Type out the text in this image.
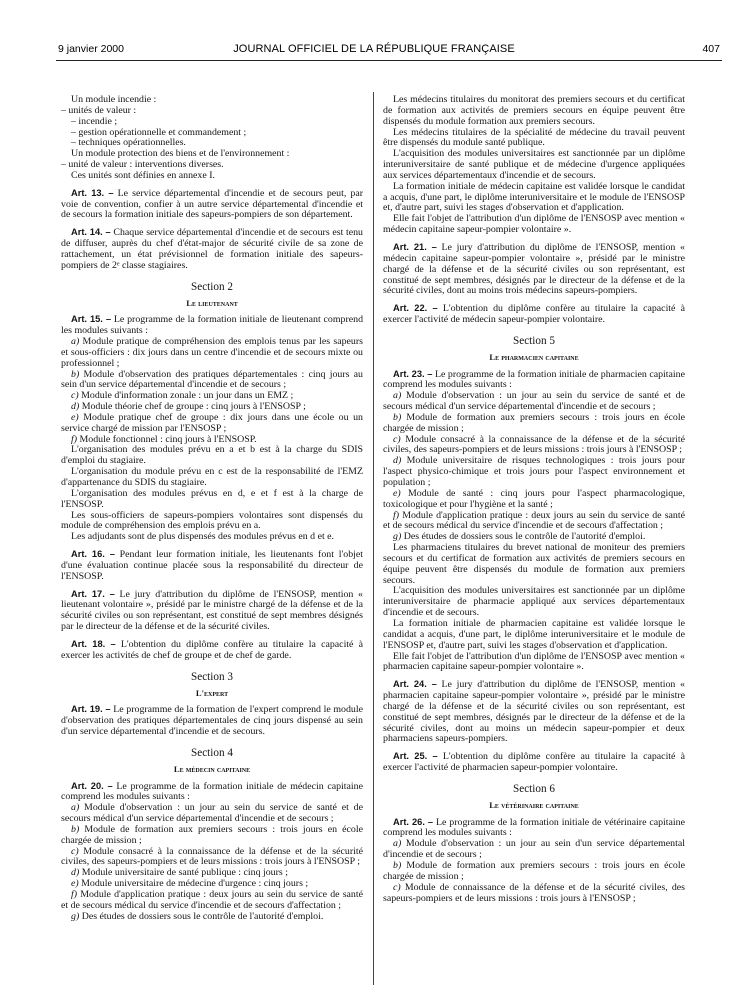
9 janvier 2000	JOURNAL OFFICIEL DE LA RÉPUBLIQUE FRANÇAISE	407

Un module incendie :

– unités de valeur :

– incendie ;

– gestion opérationnelle et commandement ;

– techniques opérationnelles.

Un module protection des biens et de l'environnement :

– unité de valeur : interventions diverses.

Ces unités sont définies en annexe I.

Art. 13. – Le service départemental d'incendie et de secours peut, par voie de convention, confier à un autre service départemental d'incendie et de secours la formation initiale des sapeurs-pompiers de son département.

Art. 14. – Chaque service départemental d'incendie et de secours est tenu de diffuser, auprès du chef d'état-major de sécurité civile de sa zone de rattachement, un état prévisionnel de formation initiale des sapeurs-pompiers de 2ᵉ classe stagiaires.

Section 2
Le lieutenant

Art. 15. – Le programme de la formation initiale de lieutenant comprend les modules suivants :

a) Module pratique de compréhension des emplois tenus par les sapeurs et sous-officiers : dix jours dans un centre d'incendie et de secours mixte ou professionnel ;

b) Module d'observation des pratiques départementales : cinq jours au sein d'un service départemental d'incendie et de secours ;

c) Module d'information zonale : un jour dans un EMZ ;

d) Module théorie chef de groupe : cinq jours à l'ENSOSP ;

e) Module pratique chef de groupe : dix jours dans une école ou un service chargé de mission par l'ENSOSP ;

f) Module fonctionnel : cinq jours à l'ENSOSP.

L'organisation des modules prévu en a et b est à la charge du SDIS d'emploi du stagiaire.

L'organisation du module prévu en c est de la responsabilité de l'EMZ d'appartenance du SDIS du stagiaire.

L'organisation des modules prévus en d, e et f est à la charge de l'ENSOSP.

Les sous-officiers de sapeurs-pompiers volontaires sont dispensés du module de compréhension des emplois prévu en a.

Les adjudants sont de plus dispensés des modules prévus en d et e.

Art. 16. – Pendant leur formation initiale, les lieutenants font l'objet d'une évaluation continue placée sous la responsabilité du directeur de l'ENSOSP.

Art. 17. – Le jury d'attribution du diplôme de l'ENSOSP, mention « lieutenant volontaire », présidé par le ministre chargé de la défense et de la sécurité civiles ou son représentant, est constitué de sept membres désignés par le directeur de la défense et de la sécurité civiles.

Art. 18. – L'obtention du diplôme confère au titulaire la capacité à exercer les activités de chef de groupe et de chef de garde.

Section 3
L'expert

Art. 19. – Le programme de la formation de l'expert comprend le module d'observation des pratiques départementales de cinq jours dispensé au sein d'un service départemental d'incendie et de secours.

Section 4
Le médecin capitaine

Art. 20. – Le programme de la formation initiale de médecin capitaine comprend les modules suivants :

a) Module d'observation : un jour au sein du service de santé et de secours médical d'un service départemental d'incendie et de secours ;

b) Module de formation aux premiers secours : trois jours en école chargée de mission ;

c) Module consacré à la connaissance de la défense et de la sécurité civiles, des sapeurs-pompiers et de leurs missions : trois jours à l'ENSOSP ;

d) Module universitaire de santé publique : cinq jours ;

e) Module universitaire de médecine d'urgence : cinq jours ;

f) Module d'application pratique : deux jours au sein du service de santé et de secours médical du service d'incendie et de secours d'affectation ;

g) Des études de dossiers sous le contrôle de l'autorité d'emploi.

Les médecins titulaires du monitorat des premiers secours et du certificat de formation aux activités de premiers secours en équipe peuvent être dispensés du module formation aux premiers secours.

Les médecins titulaires de la spécialité de médecine du travail peuvent être dispensés du module santé publique.

L'acquisition des modules universitaires est sanctionnée par un diplôme interuniversitaire de santé publique et de médecine d'urgence appliquées aux services départementaux d'incendie et de secours.

La formation initiale de médecin capitaine est validée lorsque le candidat a acquis, d'une part, le diplôme interuniversitaire et le module de l'ENSOSP et, d'autre part, suivi les stages d'observation et d'application.

Elle fait l'objet de l'attribution d'un diplôme de l'ENSOSP avec mention « médecin capitaine sapeur-pompier volontaire ».

Art. 21. – Le jury d'attribution du diplôme de l'ENSOSP, mention « médecin capitaine sapeur-pompier volontaire », présidé par le ministre chargé de la défense et de la sécurité civiles ou son représentant, est constitué de sept membres, désignés par le directeur de la défense et de la sécurité civiles, dont au moins trois médecins sapeurs-pompiers.

Art. 22. – L'obtention du diplôme confère au titulaire la capacité à exercer l'activité de médecin sapeur-pompier volontaire.

Section 5
Le pharmacien capitaine

Art. 23. – Le programme de la formation initiale de pharmacien capitaine comprend les modules suivants :

a) Module d'observation : un jour au sein du service de santé et de secours médical d'un service départemental d'incendie et de secours ;

b) Module de formation aux premiers secours : trois jours en école chargée de mission ;

c) Module consacré à la connaissance de la défense et de la sécurité civiles, des sapeurs-pompiers et de leurs missions : trois jours à l'ENSOSP ;

d) Module universitaire de risques technologiques : trois jours pour l'aspect physico-chimique et trois jours pour l'aspect environnement et population ;

e) Module de santé : cinq jours pour l'aspect pharmacologique, toxicologique et pour l'hygiène et la santé ;

f) Module d'application pratique : deux jours au sein du service de santé et de secours médical du service d'incendie et de secours d'affectation ;

g) Des études de dossiers sous le contrôle de l'autorité d'emploi.

Les pharmaciens titulaires du brevet national de moniteur des premiers secours et du certificat de formation aux activités de premiers secours en équipe peuvent être dispensés du module de formation aux premiers secours.

L'acquisition des modules universitaires est sanctionnée par un diplôme interuniversitaire de pharmacie appliqué aux services départementaux d'incendie et de secours.

La formation initiale de pharmacien capitaine est validée lorsque le candidat a acquis, d'une part, le diplôme interuniversitaire et le module de l'ENSOSP et, d'autre part, suivi les stages d'observation et d'application.

Elle fait l'objet de l'attribution d'un diplôme de l'ENSOSP avec mention « pharmacien capitaine sapeur-pompier volontaire ».

Art. 24. – Le jury d'attribution du diplôme de l'ENSOSP, mention « pharmacien capitaine sapeur-pompier volontaire », présidé par le ministre chargé de la défense et de la sécurité civiles ou son représentant, est constitué de sept membres, désignés par le directeur de la défense et de la sécurité civiles, dont au moins un médecin sapeur-pompier et deux pharmaciens sapeurs-pompiers.

Art. 25. – L'obtention du diplôme confère au titulaire la capacité à exercer l'activité de pharmacien sapeur-pompier volontaire.

Section 6
Le vétérinaire capitaine

Art. 26. – Le programme de la formation initiale de vétérinaire capitaine comprend les modules suivants :

a) Module d'observation : un jour au sein d'un service départemental d'incendie et de secours ;

b) Module de formation aux premiers secours : trois jours en école chargée de mission ;

c) Module de connaissance de la défense et de la sécurité civiles, des sapeurs-pompiers et de leurs missions : trois jours à l'ENSOSP ;
